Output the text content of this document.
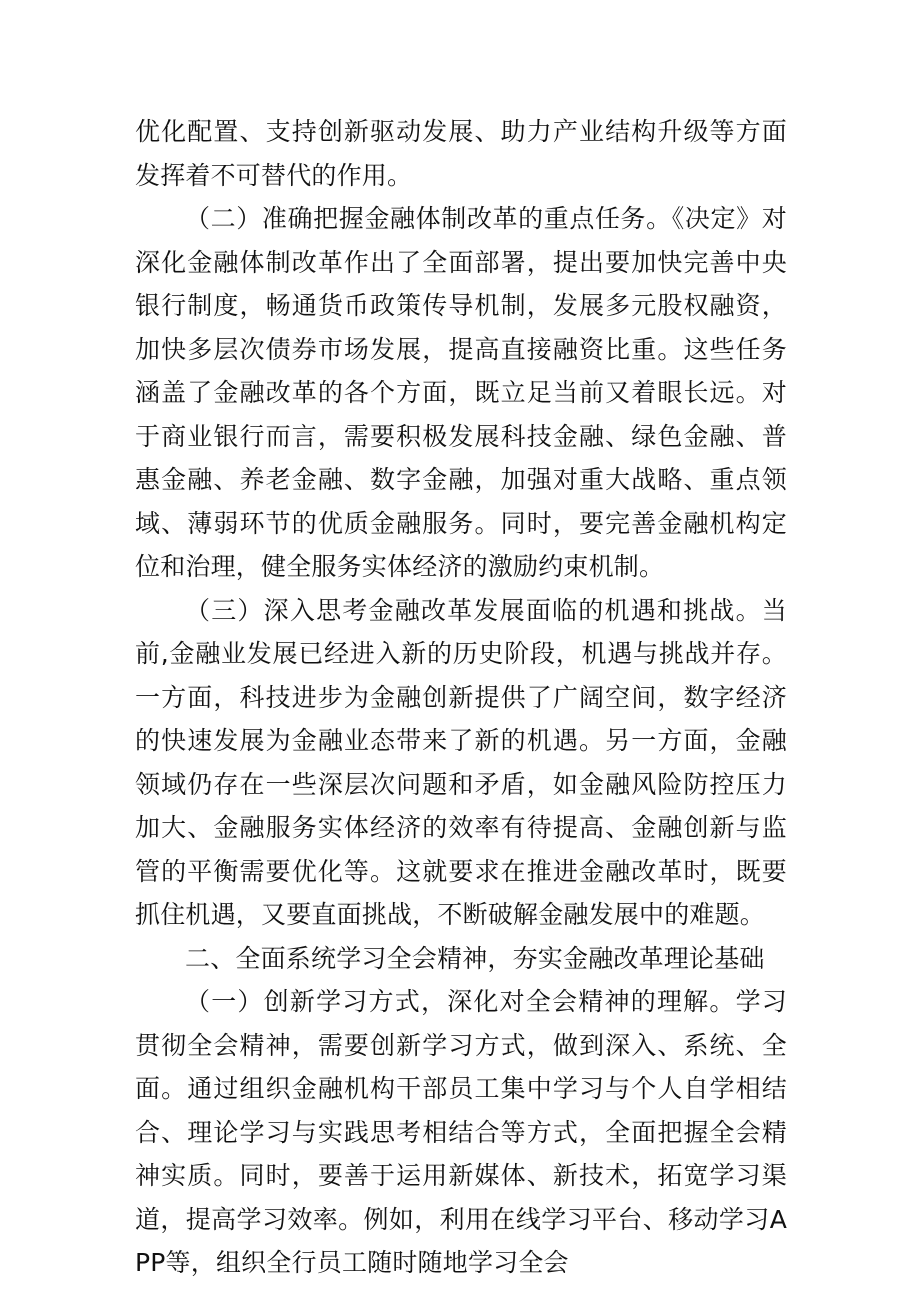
优化配置、支持创新驱动发展、助力产业结构升级等方面发挥着不可替代的作用。

（二）准确把握金融体制改革的重点任务。《决定》对深化金融体制改革作出了全面部署，提出要加快完善中央银行制度，畅通货币政策传导机制，发展多元股权融资，加快多层次债券市场发展，提高直接融资比重。这些任务涵盖了金融改革的各个方面，既立足当前又着眼长远。对于商业银行而言，需要积极发展科技金融、绿色金融、普惠金融、养老金融、数字金融，加强对重大战略、重点领域、薄弱环节的优质金融服务。同时，要完善金融机构定位和治理，健全服务实体经济的激励约束机制。

（三）深入思考金融改革发展面临的机遇和挑战。当前,金融业发展已经进入新的历史阶段，机遇与挑战并存。一方面，科技进步为金融创新提供了广阔空间，数字经济的快速发展为金融业态带来了新的机遇。另一方面，金融领域仍存在一些深层次问题和矛盾，如金融风险防控压力加大、金融服务实体经济的效率有待提高、金融创新与监管的平衡需要优化等。这就要求在推进金融改革时，既要抓住机遇，又要直面挑战，不断破解金融发展中的难题。

二、全面系统学习全会精神，夯实金融改革理论基础

（一）创新学习方式，深化对全会精神的理解。学习贯彻全会精神，需要创新学习方式，做到深入、系统、全面。通过组织金融机构干部员工集中学习与个人自学相结合、理论学习与实践思考相结合等方式，全面把握全会精神实质。同时，要善于运用新媒体、新技术，拓宽学习渠道，提高学习效率。例如，利用在线学习平台、移动学习APP等，组织全行员工随时随地学习全会
